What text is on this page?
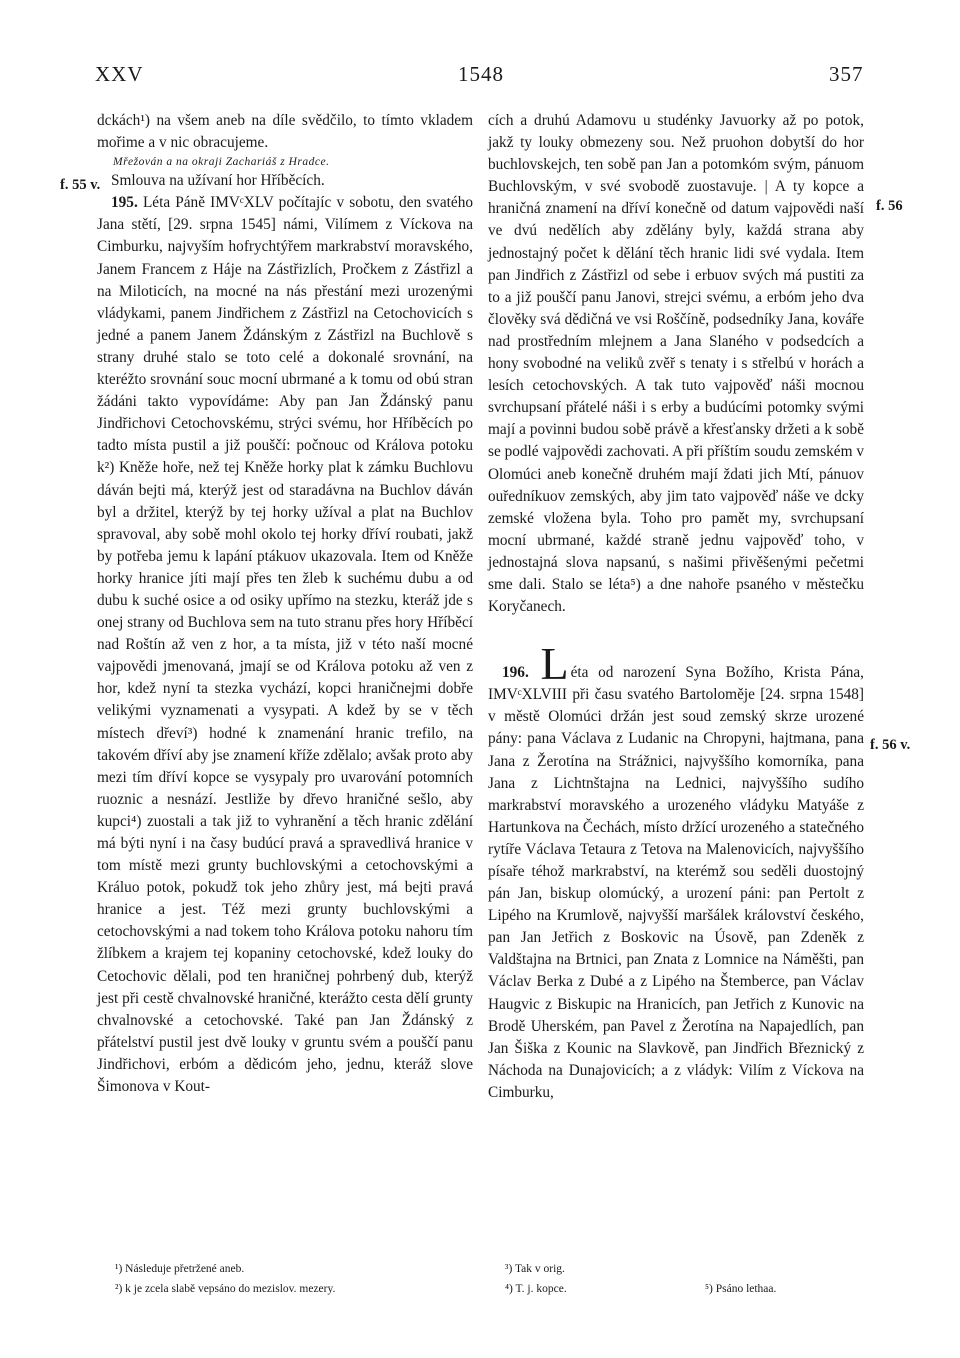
XXV	1548	357
f. 55 v.
f. 56
f. 56 v.

dckách¹) na všem aneb na díle svědčilo, to tímto vkladem mořime a v nic obracujeme.

Mřežován a na okraji Zachariáš z Hradce.

Smlouva na užívaní hor Hříběcích.

195. Léta Páně IMVᶜXLV počítajíc v sobotu, den svatého Jana stětí, [29. srpna 1545] námi, Vilímem z Víckova na Cimburku, najvyším hofrychtýřem markrabství moravského, Janem Francem z Háje na Zástřizlích, Pročkem z Zástřizl a na Miloticích, na mocné na nás přestání mezi urozenými vládykami, panem Jindřichem z Zástřizl na Cetochovicích s jedné a panem Janem Ždánským z Zástřizl na Buchlově s strany druhé stalo se toto celé a dokonalé srovnání, na kteréžto srovnání souc mocní ubrmané a k tomu od obú stran žádáni takto vypovídáme: Aby pan Jan Ždánský panu Jindřichovi Cetochovskému, strýci svému, hor Hříběcích po tadto místa pustil a již pouščí: počnouc od Králova potoku k²) Kněže hoře, než tej Kněže horky plat k zámku Buchlovu dáván bejti má, kterýž jest od staradávna na Buchlov dáván byl a držitel, kterýž by tej horky užíval a plat na Buchlov spravoval, aby sobě mohl okolo tej horky dříví roubati, jakž by potřeba jemu k lapání ptákuov ukazovala. Item od Kněže horky hranice jíti mají přes ten žleb k suchému dubu a od dubu k suché osice a od osiky upřímo na stezku, kteráž jde s onej strany od Buchlova sem na tuto stranu přes hory Hříběcí nad Roštín až ven z hor, a ta místa, již v této naší mocné vajpovědi jmenovaná, jmají se od Králova potoku až ven z hor, kdež nyní ta stezka vychází, kopci hraničnejmi dobře velikými vyznamenati a vysypati. A kdež by se v těch místech dřeví³) hodné k znamenání hranic trefilo, na takovém dříví aby jse znamení kříže zdělalo; avšak proto aby mezi tím dříví kopce se vysypaly pro uvarování potomních ruoznic a nesnází. Jestliže by dřevo hraničné sešlo, aby kupci⁴) zuostali a tak již to vyhranění a těch hranic zdělání má býti nyní i na časy budúcí pravá a spravedlivá hranice v tom místě mezi grunty buchlovskými a cetochovskými a Králuo potok, pokudž tok jeho zhůry jest, má bejti pravá hranice a jest. Též mezi grunty buchlovskými a cetochovskými a nad tokem toho Králova potoku nahoru tím žlíbkem a krajem tej kopaniny cetochovské, kdež louky do Cetochovic dělali, pod ten hraničnej pohrbený dub, kterýž jest při cestě chvalnovské hraničné, kterážto cesta dělí grunty chvalnovské a cetochovské. Také pan Jan Ždánský z přátelství pustil jest dvě louky v gruntu svém a pouščí panu Jindřichovi, erbóm a dědicóm jeho, jednu, kteráž slove Šimonova v Kout-

cích a druhú Adamovu u studénky Javuorky až po potok, jakž ty louky obmezeny sou. Než pruohon dobytší do hor buchlovskejch, ten sobě pan Jan a potomkóm svým, pánuom Buchlovským, v své svobodě zuostavuje. | A ty kopce a hraničná znamení na dříví konečně od datum vajpovědi naší ve dvú nedělích aby zdělány byly, každá strana aby jednostajný počet k dělání těch hranic lidi své vydala. Item pan Jindřich z Zástřizl od sebe i erbuov svých má pustiti za to a již pouščí panu Janovi, strejci svému, a erbóm jeho dva člověky svá dědičná ve vsi Roščíně, podsedníky Jana, kováře nad prostředním mlejnem a Jana Slaného v podsedcích a hony svobodné na veliků zvěř s tenaty i s střelbú v horách a lesích cetochovských. A tak tuto vajpověď náši mocnou svrchupsaní přátelé náši i s erby a budúcími potomky svými mají a povinni budou sobě právě a křesťansky držeti a k sobě se podlé vajpovědi zachovati. A při příštím soudu zemském v Olomúci aneb konečně druhém mají ždati jich Mtí, pánuov ouředníkuov zemských, aby jim tato vajpověď náše ve dcky zemské vložena byla. Toho pro pamět my, svrchupsaní mocní ubrmané, každé straně jednu vajpověď toho, v jednostajná slova napsanú, s našimi přivěšenými pečetmi sme dali. Stalo se léta⁵) a dne nahoře psaného v městečku Koryčanech.

196. L éta od narození Syna Božího, Krista Pána, IMVᶜXLVIII při času svatého Bartoloměje [24. srpna 1548] v městě Olomúci držán jest soud zemský skrze urozené pány: pana Václava z Ludanic na Chropyni, hajtmana, pana Jana z Žerotína na Strážnici, najvyššího komorníka, pana Jana z Lichtnštajna na Lednici, najvyššího sudího markrabství moravského a urozeného vládyku Matyáše z Hartunkova na Čechách, místo držící urozeného a statečného rytíře Václava Tetaura z Tetova na Malenovicích, najvyššího písaře téhož markrabství, na kterémž sou seděli duostojný pán Jan, biskup olomúcký, a urození páni: pan Pertolt z Lipého na Krumlově, najvyšší maršálek království českého, pan Jan Jetřich z Boskovic na Úsově, pan Zdeněk z Valdštajna na Brtnici, pan Znata z Lomnice na Náměšti, pan Václav Berka z Dubé a z Lipého na Štemberce, pan Václav Haugvic z Biskupic na Hranicích, pan Jetřich z Kunovic na Brodě Uherském, pan Pavel z Žerotína na Napajedlích, pan Jan Šiška z Kounic na Slavkově, pan Jindřich Březnický z Náchoda na Dunajovicích; a z vládyk: Vilím z Víckova na Cimburku,

¹) Následuje přetržené aneb.
²) k je zcela slabě vepsáno do mezislov. mezery.
³) Tak v orig.
⁴) T. j. kopce.	⁵) Psáno lethaa.
